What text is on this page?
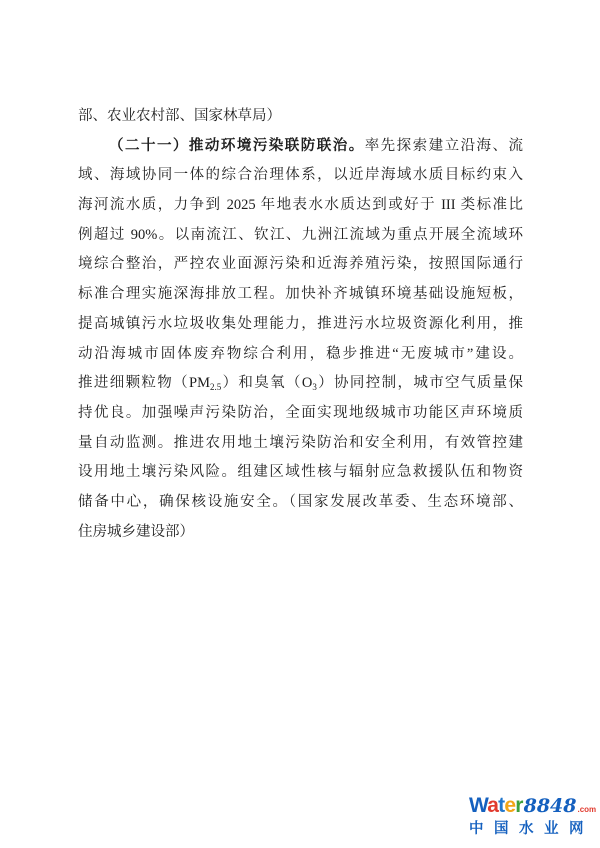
部、农业农村部、国家林草局）
（二十一）推动环境污染联防联治。率先探索建立沿海、流
域、海域协同一体的综合治理体系，以近岸海域水质目标约束入
海河流水质，力争到 2025 年地表水水质达到或好于 III 类标准比
例超过 90%。以南流江、钦江、九洲江流域为重点开展全流域环
境综合整治，严控农业面源污染和近海养殖污染，按照国际通行
标准合理实施深海排放工程。加快补齐城镇环境基础设施短板，
提高城镇污水垃圾收集处理能力，推进污水垃圾资源化利用，推
动沿海城市固体废弃物综合利用，稳步推进“无废城市”建设。
推进细颗粒物$(PM_{2.5})$和臭氧$(O_3)$协同控制，城市空气质量保
持优良。加强噪声污染防治，全面实现地级城市功能区声环境质
量自动监测。推进农用地土壤污染防治和安全利用，有效管控建
设用地土壤污染风险。组建区域性核与辐射应急救援队伍和物资
储备中心，确保核设施安全。（国家发展改革委、生态环境部、
住房城乡建设部）
Water 8848 .com
中国水业网
